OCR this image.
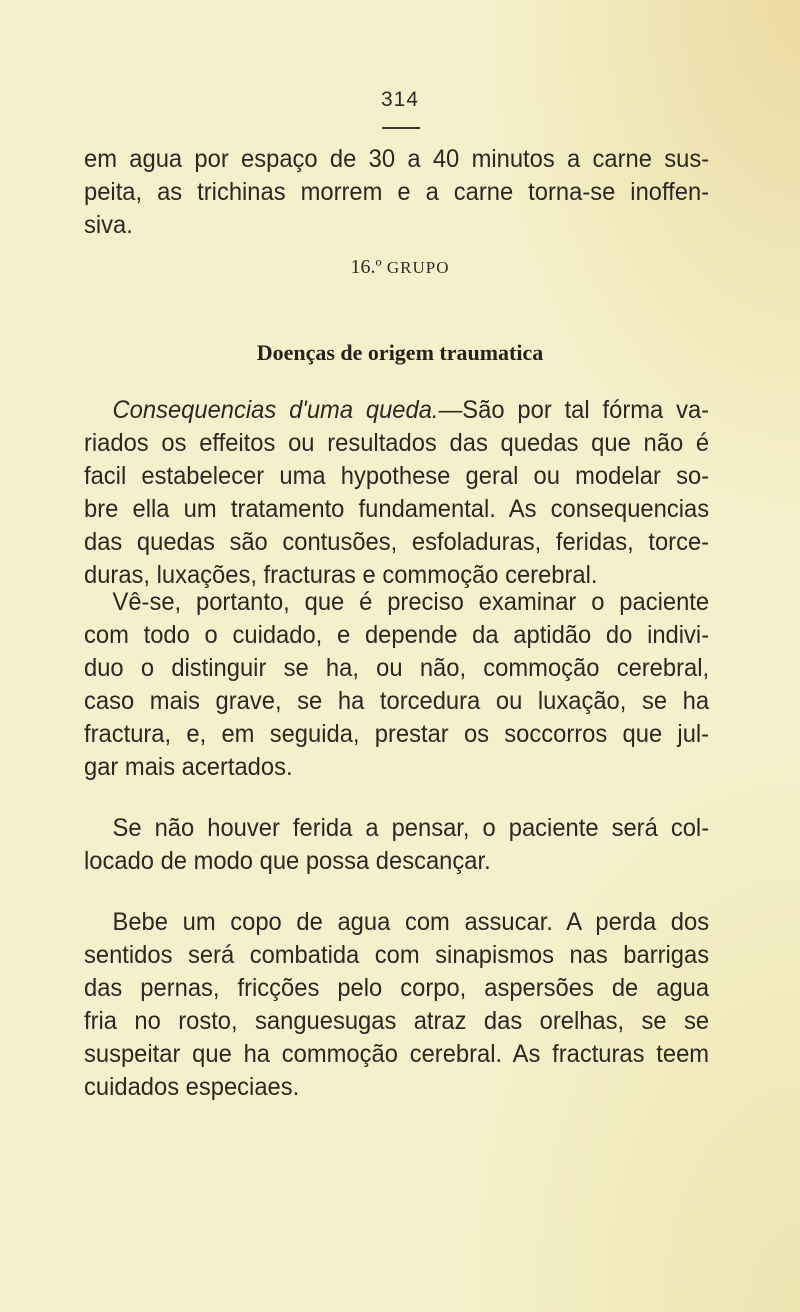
314
em agua por espaço de 30 a 40 minutos a carne sus-
peita, as trichinas morrem e a carne torna-se inoffen-
siva.
16.º GRUPO
Doenças de origem traumatica
Consequencias d'uma queda.—São por tal fórma va-
riados os effeitos ou resultados das quedas que não é
facil estabelecer uma hypothese geral ou modelar so-
bre ella um tratamento fundamental. As consequencias
das quedas são contusões, esfoladuras, feridas, torce-
duras, luxações, fracturas e commoção cerebral.
Vê-se, portanto, que é preciso examinar o paciente
com todo o cuidado, e depende da aptidão do indivi-
duo o distinguir se ha, ou não, commoção cerebral,
caso mais grave, se ha torcedura ou luxação, se ha
fractura, e, em seguida, prestar os soccorros que jul-
gar mais acertados.
Se não houver ferida a pensar, o paciente será col-
locado de modo que possa descançar.
Bebe um copo de agua com assucar. A perda dos
sentidos será combatida com sinapismos nas barrigas
das pernas, fricções pelo corpo, aspersões de agua
fria no rosto, sanguesugas atraz das orelhas, se se
suspeitar que ha commoção cerebral. As fracturas teem
cuidados especiaes.
